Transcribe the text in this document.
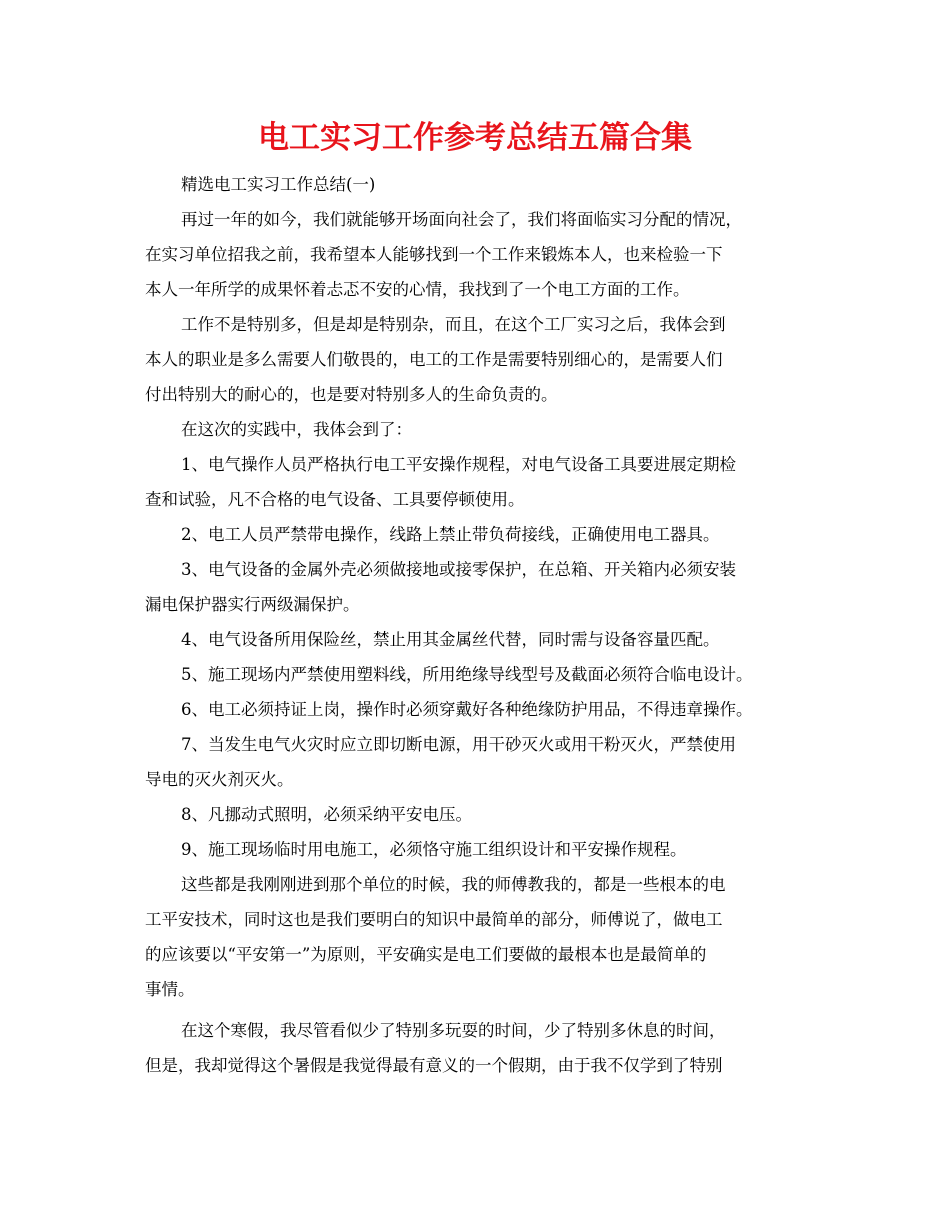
电工实习工作参考总结五篇合集
精选电工实习工作总结(一)
再过一年的如今，我们就能够开场面向社会了，我们将面临实习分配的情况，
在实习单位招我之前，我希望本人能够找到一个工作来锻炼本人，也来检验一下
本人一年所学的成果怀着忐忑不安的心情，我找到了一个电工方面的工作。
工作不是特别多，但是却是特别杂，而且，在这个工厂实习之后，我体会到
本人的职业是多么需要人们敬畏的，电工的工作是需要特别细心的，是需要人们
付出特别大的耐心的，也是要对特别多人的生命负责的。
在这次的实践中，我体会到了：
1、电气操作人员严格执行电工平安操作规程，对电气设备工具要进展定期检
查和试验，凡不合格的电气设备、工具要停顿使用。
2、电工人员严禁带电操作，线路上禁止带负荷接线，正确使用电工器具。
3、电气设备的金属外壳必须做接地或接零保护，在总箱、开关箱内必须安装
漏电保护器实行两级漏保护。
4、电气设备所用保险丝，禁止用其金属丝代替，同时需与设备容量匹配。
5、施工现场内严禁使用塑料线，所用绝缘导线型号及截面必须符合临电设计。
6、电工必须持证上岗，操作时必须穿戴好各种绝缘防护用品，不得违章操作。
7、当发生电气火灾时应立即切断电源，用干砂灭火或用干粉灭火，严禁使用
导电的灭火剂灭火。
8、凡挪动式照明，必须采纳平安电压。
9、施工现场临时用电施工，必须恪守施工组织设计和平安操作规程。
这些都是我刚刚进到那个单位的时候，我的师傅教我的，都是一些根本的电
工平安技术，同时这也是我们要明白的知识中最简单的部分，师傅说了，做电工
的应该要以“平安第一”为原则，平安确实是电工们要做的最根本也是最简单的
事情。
在这个寒假，我尽管看似少了特别多玩耍的时间，少了特别多休息的时间，
但是，我却觉得这个暑假是我觉得最有意义的一个假期，由于我不仅学到了特别
